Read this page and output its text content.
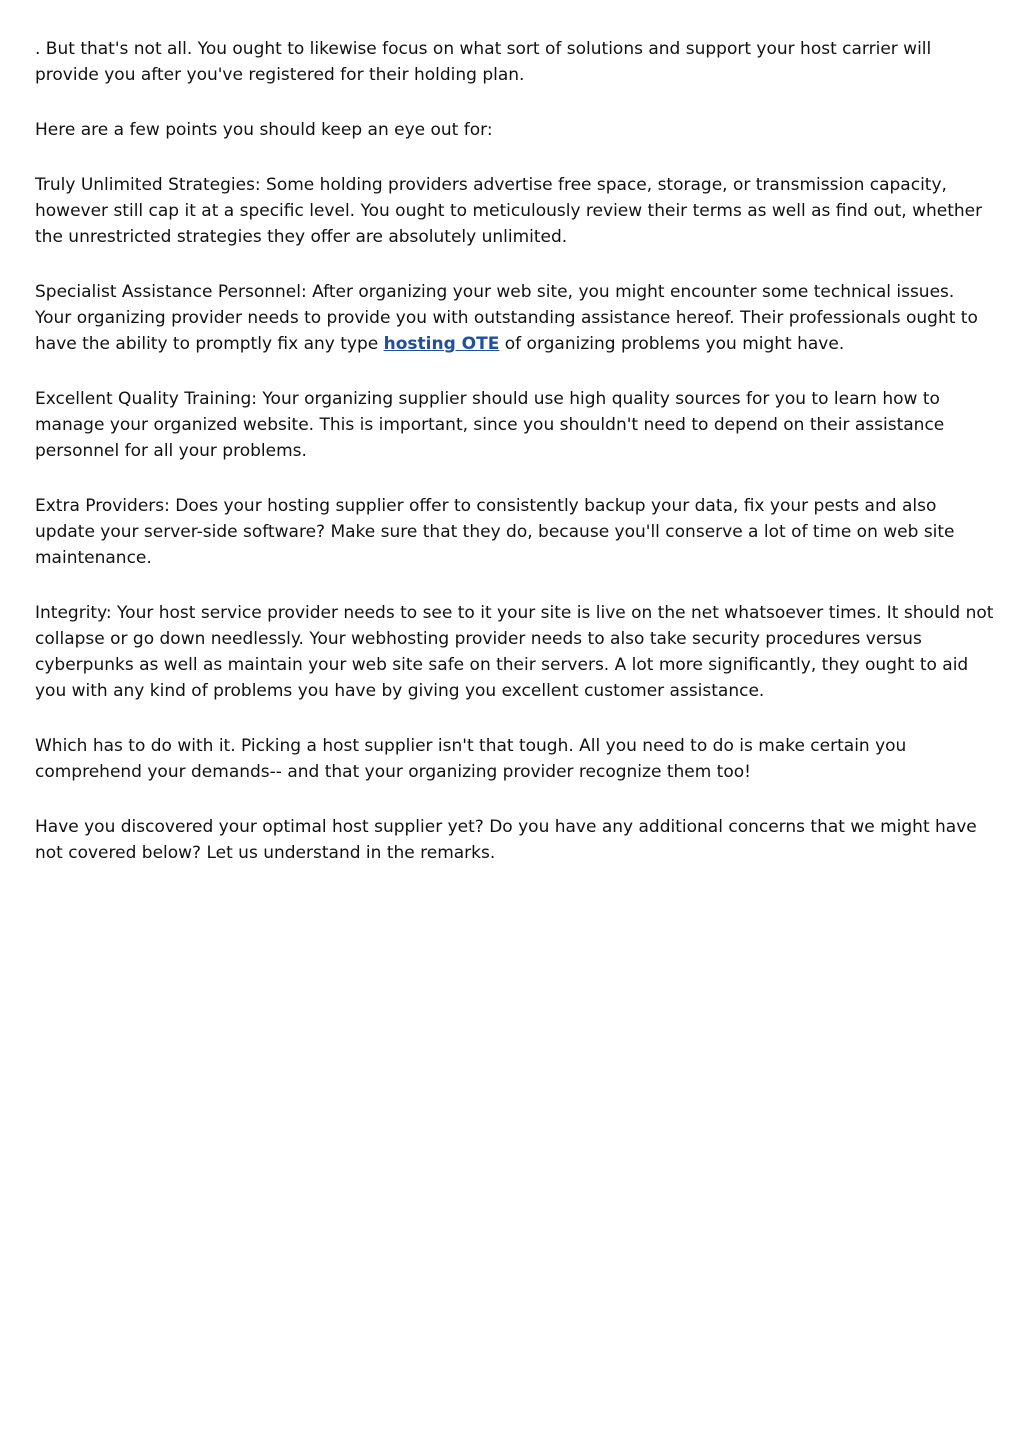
. But that's not all. You ought to likewise focus on what sort of solutions and support your host carrier will provide you after you've registered for their holding plan.

Here are a few points you should keep an eye out for:

Truly Unlimited Strategies: Some holding providers advertise free space, storage, or transmission capacity, however still cap it at a specific level. You ought to meticulously review their terms as well as find out, whether the unrestricted strategies they offer are absolutely unlimited.

Specialist Assistance Personnel: After organizing your web site, you might encounter some technical issues. Your organizing provider needs to provide you with outstanding assistance hereof. Their professionals ought to have the ability to promptly fix any type hosting OTE of organizing problems you might have.

Excellent Quality Training: Your organizing supplier should use high quality sources for you to learn how to manage your organized website. This is important, since you shouldn't need to depend on their assistance personnel for all your problems.

Extra Providers: Does your hosting supplier offer to consistently backup your data, fix your pests and also update your server-side software? Make sure that they do, because you'll conserve a lot of time on web site maintenance.

Integrity: Your host service provider needs to see to it your site is live on the net whatsoever times. It should not collapse or go down needlessly. Your webhosting provider needs to also take security procedures versus cyberpunks as well as maintain your web site safe on their servers. A lot more significantly, they ought to aid you with any kind of problems you have by giving you excellent customer assistance.

Which has to do with it. Picking a host supplier isn't that tough. All you need to do is make certain you comprehend your demands-- and that your organizing provider recognize them too!

Have you discovered your optimal host supplier yet? Do you have any additional concerns that we might have not covered below? Let us understand in the remarks.
